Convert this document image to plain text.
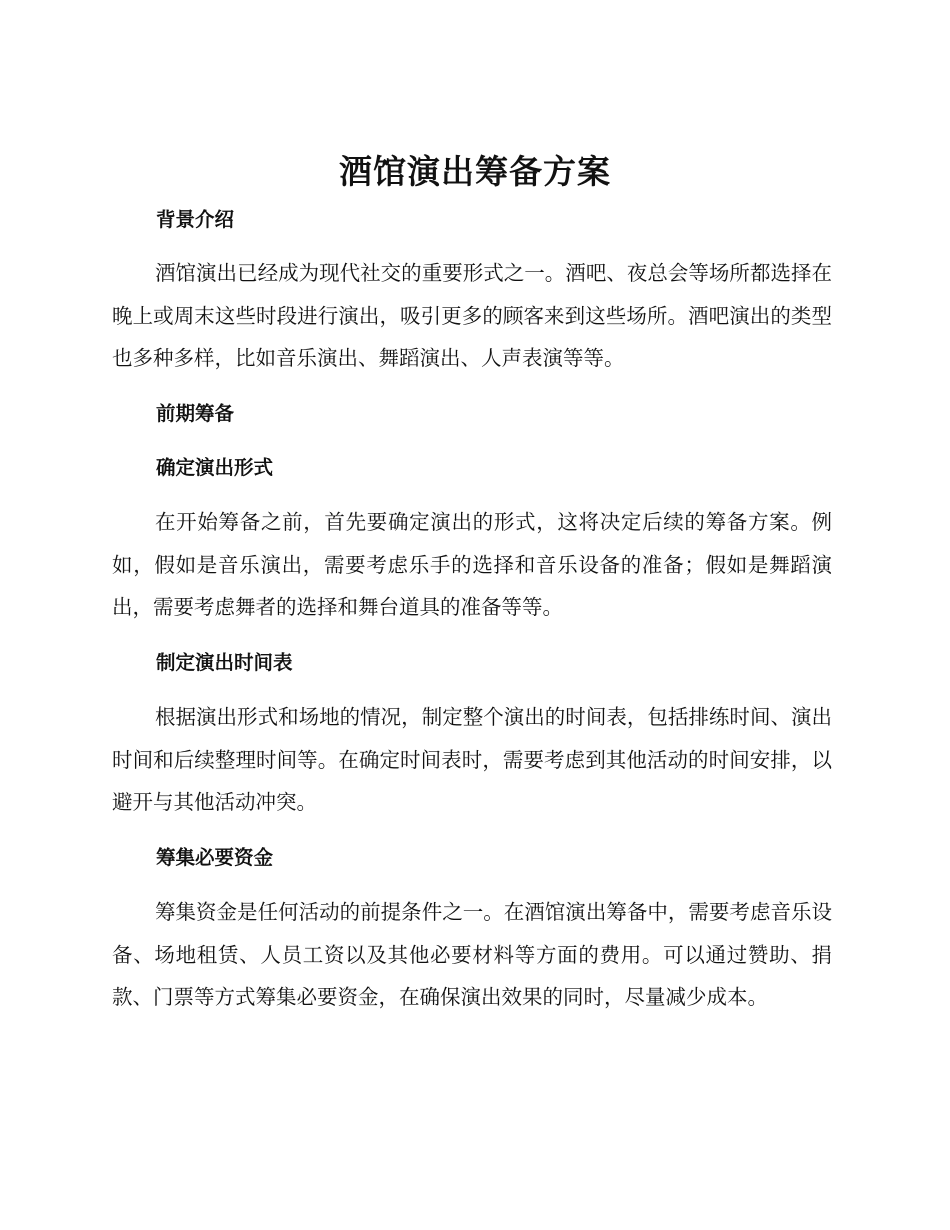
酒馆演出筹备方案
背景介绍

酒馆演出已经成为现代社交的重要形式之一。酒吧、夜总会等场所都选择在晚上或周末这些时段进行演出，吸引更多的顾客来到这些场所。酒吧演出的类型也多种多样，比如音乐演出、舞蹈演出、人声表演等等。

前期筹备
确定演出形式

在开始筹备之前，首先要确定演出的形式，这将决定后续的筹备方案。例如，假如是音乐演出，需要考虑乐手的选择和音乐设备的准备；假如是舞蹈演出，需要考虑舞者的选择和舞台道具的准备等等。

制定演出时间表

根据演出形式和场地的情况，制定整个演出的时间表，包括排练时间、演出时间和后续整理时间等。在确定时间表时，需要考虑到其他活动的时间安排，以避开与其他活动冲突。

筹集必要资金

筹集资金是任何活动的前提条件之一。在酒馆演出筹备中，需要考虑音乐设备、场地租赁、人员工资以及其他必要材料等方面的费用。可以通过赞助、捐款、门票等方式筹集必要资金，在确保演出效果的同时，尽量减少成本。
